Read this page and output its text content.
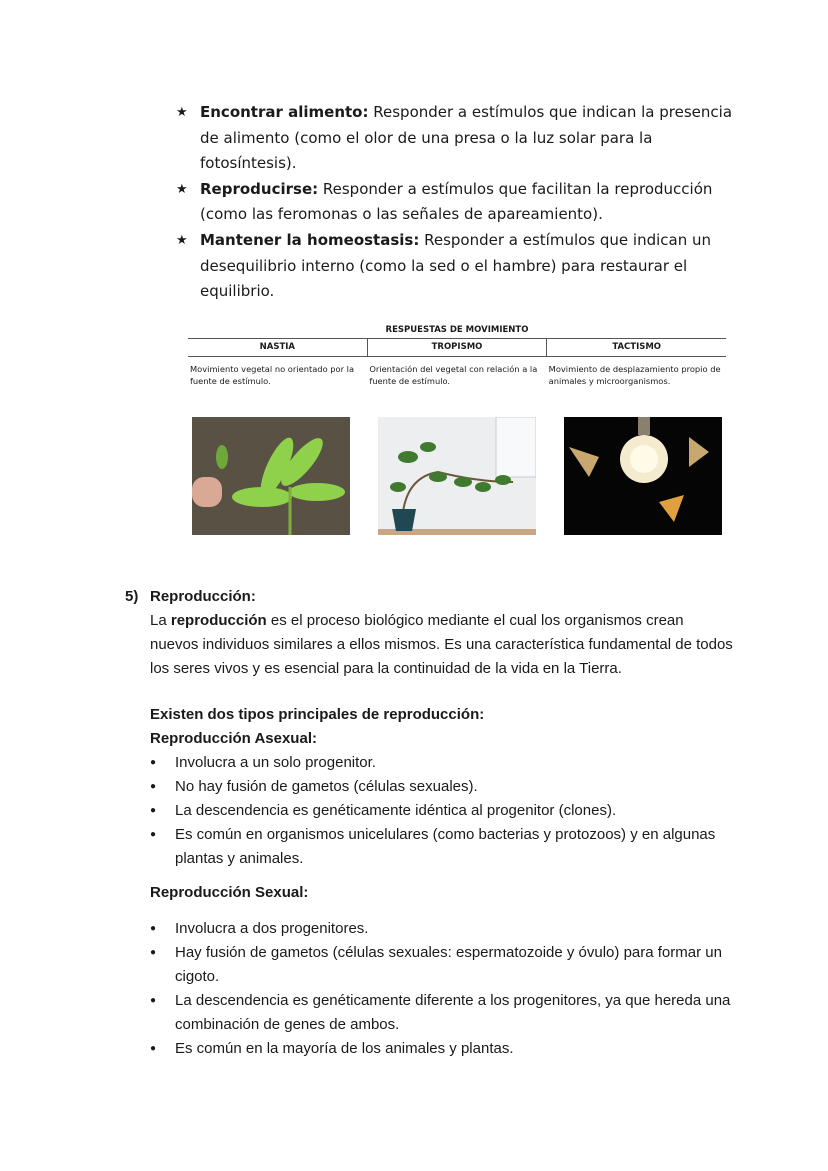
★ Encontrar alimento: Responder a estímulos que indican la presencia de alimento (como el olor de una presa o la luz solar para la fotosíntesis).
★ Reproducirse: Responder a estímulos que facilitan la reproducción (como las feromonas o las señales de apareamiento).
★ Mantener la homeostasis: Responder a estímulos que indican un desequilibrio interno (como la sed o el hambre) para restaurar el equilibrio.
RESPUESTAS DE MOVIMIENTO
NASTIA	TROPISMO	TACTISMO
Movimiento vegetal no orientado por la fuente de estímulo.
Orientación del vegetal con relación a la fuente de estímulo.
Movimiento de desplazamiento propio de animales y microorganismos.
5) Reproducción:

La reproducción es el proceso biológico mediante el cual los organismos crean nuevos individuos similares a ellos mismos. Es una característica fundamental de todos los seres vivos y es esencial para la continuidad de la vida en la Tierra.

Existen dos tipos principales de reproducción:
Reproducción Asexual:
● Involucra a un solo progenitor.
● No hay fusión de gametos (células sexuales).
● La descendencia es genéticamente idéntica al progenitor (clones).
● Es común en organismos unicelulares (como bacterias y protozoos) y en algunas plantas y animales.
Reproducción Sexual:
● Involucra a dos progenitores.
● Hay fusión de gametos (células sexuales: espermatozoide y óvulo) para formar un cigoto.
● La descendencia es genéticamente diferente a los progenitores, ya que hereda una combinación de genes de ambos.
● Es común en la mayoría de los animales y plantas.
